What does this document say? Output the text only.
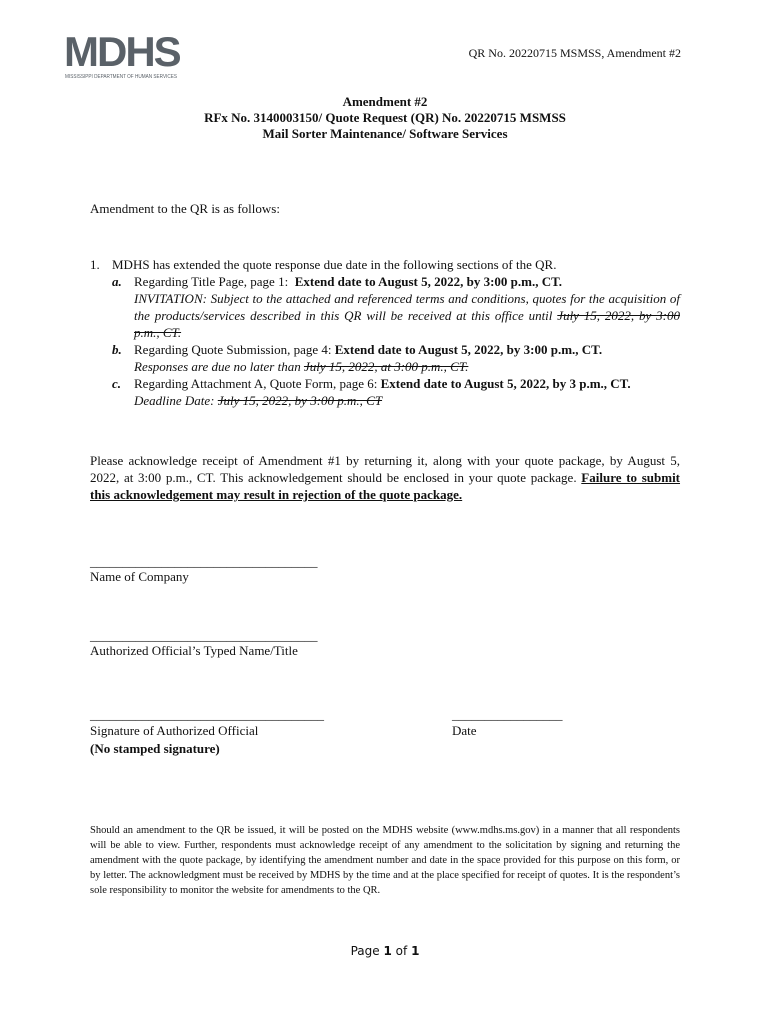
MDHS
MISSISSIPPI DEPARTMENT OF HUMAN SERVICES
QR No. 20220715 MSMSS, Amendment #2
Amendment #2
RFx No. 3140003150/ Quote Request (QR) No. 20220715 MSMSS
Mail Sorter Maintenance/ Software Services
Amendment to the QR is as follows:
1. MDHS has extended the quote response due date in the following sections of the QR.
a. Regarding Title Page, page 1: Extend date to August 5, 2022, by 3:00 p.m., CT.
INVITATION: Subject to the attached and referenced terms and conditions, quotes for the acquisition of the products/services described in this QR will be received at this office until July 15, 2022, by 3:00 p.m., CT.
b. Regarding Quote Submission, page 4: Extend date to August 5, 2022, by 3:00 p.m., CT.
Responses are due no later than July 15, 2022, at 3:00 p.m., CT.
c. Regarding Attachment A, Quote Form, page 6: Extend date to August 5, 2022, by 3 p.m., CT.
Deadline Date: July 15, 2022, by 3:00 p.m., CT
Please acknowledge receipt of Amendment #1 by returning it, along with your quote package, by August 5, 2022, at 3:00 p.m., CT. This acknowledgement should be enclosed in your quote package. Failure to submit this acknowledgement may result in rejection of the quote package.
___________________________________
Name of Company
___________________________________
Authorized Official’s Typed Name/Title
____________________________________
Signature of Authorized Official
(No stamped signature)
_________________
Date
Should an amendment to the QR be issued, it will be posted on the MDHS website (www.mdhs.ms.gov) in a manner that all respondents will be able to view. Further, respondents must acknowledge receipt of any amendment to the solicitation by signing and returning the amendment with the quote package, by identifying the amendment number and date in the space provided for this purpose on this form, or by letter. The acknowledgment must be received by MDHS by the time and at the place specified for receipt of quotes. It is the respondent’s sole responsibility to monitor the website for amendments to the QR.
Page 1 of 1
